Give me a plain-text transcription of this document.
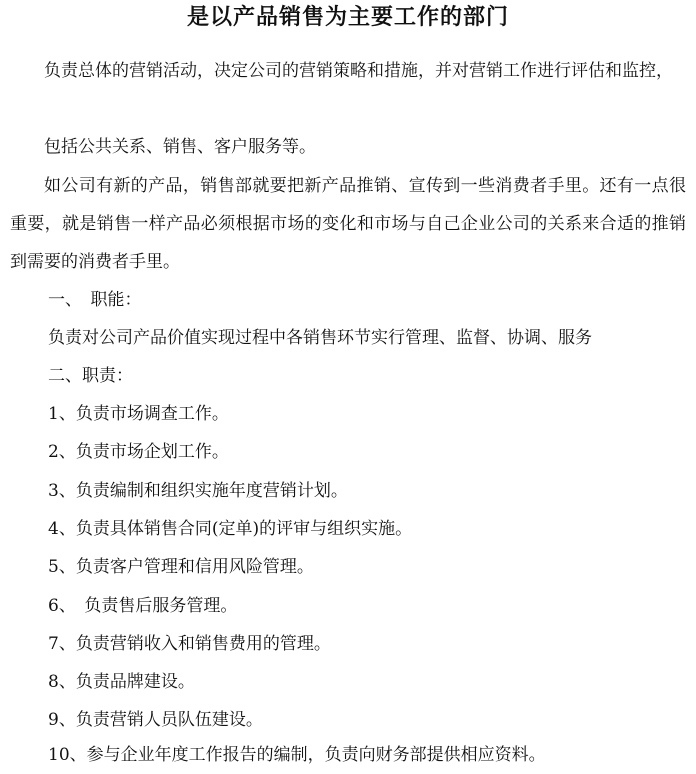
是以产品销售为主要工作的部门

负责总体的营销活动，决定公司的营销策略和措施，并对营销工作进行评估和监控，

包括公共关系、销售、客户服务等。

如公司有新的产品，销售部就要把新产品推销、宣传到一些消费者手里。还有一点很重要，就是销售一样产品必须根据市场的变化和市场与自己企业公司的关系来合适的推销到需要的消费者手里。

一、　职能：

负责对公司产品价值实现过程中各销售环节实行管理、监督、协调、服务

二、职责：

1、负责市场调查工作。

2、负责市场企划工作。

3、负责编制和组织实施年度营销计划。

4、负责具体销售合同(定单)的评审与组织实施。

5、负责客户管理和信用风险管理。

6、　负责售后服务管理。

7、负责营销收入和销售费用的管理。

8、负责品牌建设。

9、负责营销人员队伍建设。

10、参与企业年度工作报告的编制，负责向财务部提供相应资料。
